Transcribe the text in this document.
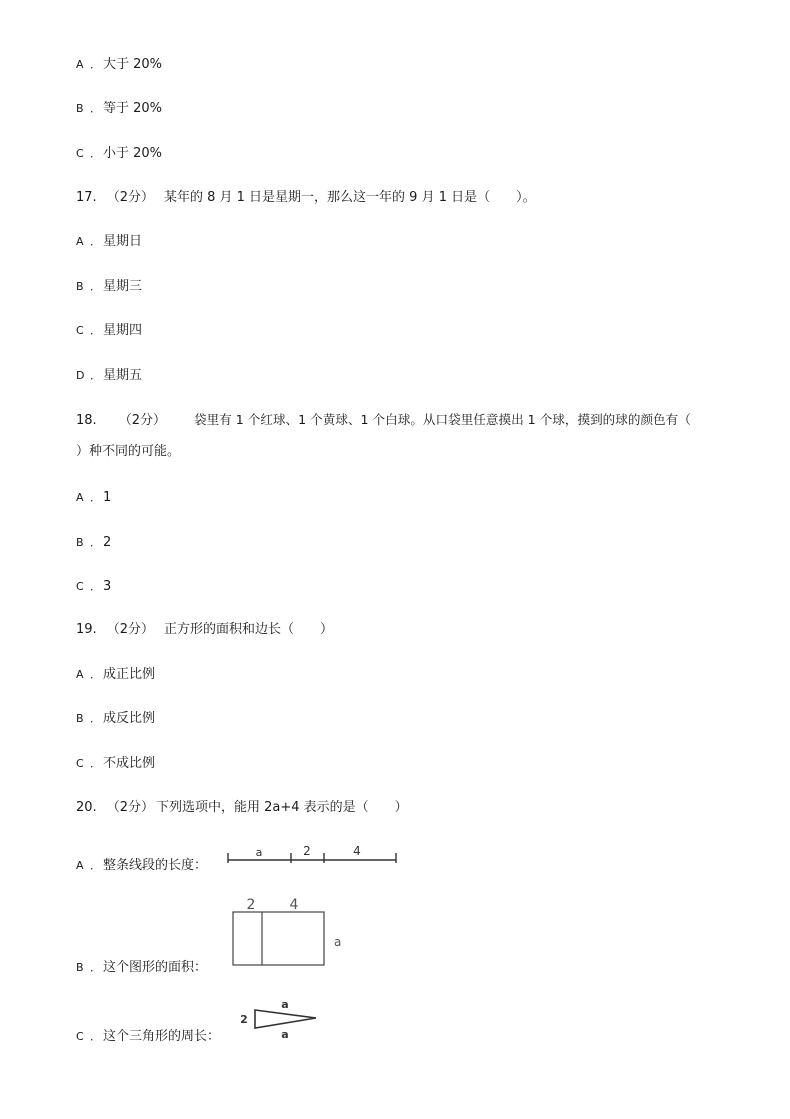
A ． 大于 20%
B ． 等于 20%
C ． 小于 20%
17. （2分） 某年的 8 月 1 日是星期一，那么这一年的 9 月 1 日是（　　）。
A ． 星期日
B ． 星期三
C ． 星期四
D ． 星期五
18. （2分） 袋里有 1 个红球、1 个黄球、1 个白球。从口袋里任意摸出 1 个球，摸到的球的颜色有（
）种不同的可能。
A ． 1
B ． 2
C ． 3
19. （2分） 正方形的面积和边长（　　）
A ． 成正比例
B ． 成反比例
C ． 不成比例
20. （2分） 下列选项中，能用 2a+4 表示的是（　　）
A ． 整条线段的长度：
a	2	4
B ． 这个图形的面积：
2 4
a
C ． 这个三角形的周长：
2
a
a
